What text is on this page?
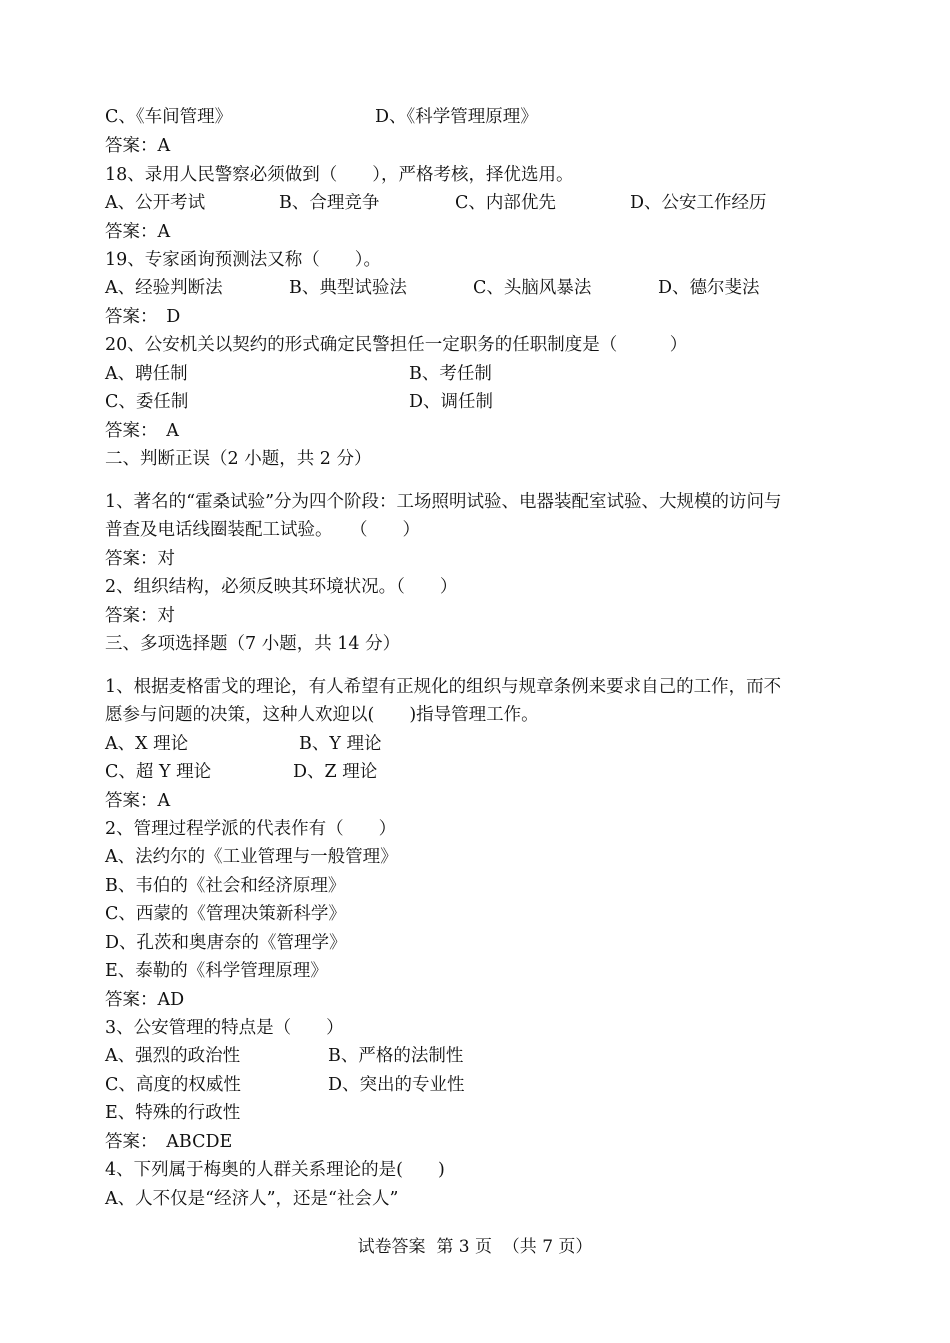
C、《车间管理》

	D、《科学管理原理》

答案：A

18、录用人民警察必须做到（　　），严格考核，择优选用。

A、公开考试

	B、合理竞争

	C、内部优先

	D、公安工作经历

答案：A

19、专家函询预测法又称（　　）。

A、经验判断法

	B、典型试验法

	C、头脑风暴法

	D、德尔斐法

答案：　D

20、公安机关以契约的形式确定民警担任一定职务的任职制度是（　　　）

A、聘任制

	B、考任制

C、委任制

	D、调任制

答案：　A

二、判断正误（2 小题，共 2 分）

1、著名的“霍桑试验”分为四个阶段：工场照明试验、电器装配室试验、大规模的访问与

普查及电话线圈装配工试验。　　（　　）

答案：对

2、组织结构，必须反映其环境状况。（　　）

答案：对

三、多项选择题（7 小题，共 14 分）

1、根据麦格雷戈的理论，有人希望有正规化的组织与规章条例来要求自己的工作，而不

愿参与问题的决策，这种人欢迎以(　　)指导管理工作。

A、X 理论

	B、Y 理论

C、超 Y 理论

	D、Z 理论

答案：A

2、管理过程学派的代表作有（　　）

A、法约尔的《工业管理与一般管理》

B、韦伯的《社会和经济原理》

C、西蒙的《管理决策新科学》

D、孔茨和奥唐奈的《管理学》

E、泰勒的《科学管理原理》

答案：AD

3、公安管理的特点是（　　）

A、强烈的政治性

	B、严格的法制性

C、高度的权威性

	D、突出的专业性

E、特殊的行政性

答案：　ABCDE

4、下列属于梅奥的人群关系理论的是(　　)

A、人不仅是“经济人”，还是“社会人”

试卷答案  第 3 页  （共 7 页）
